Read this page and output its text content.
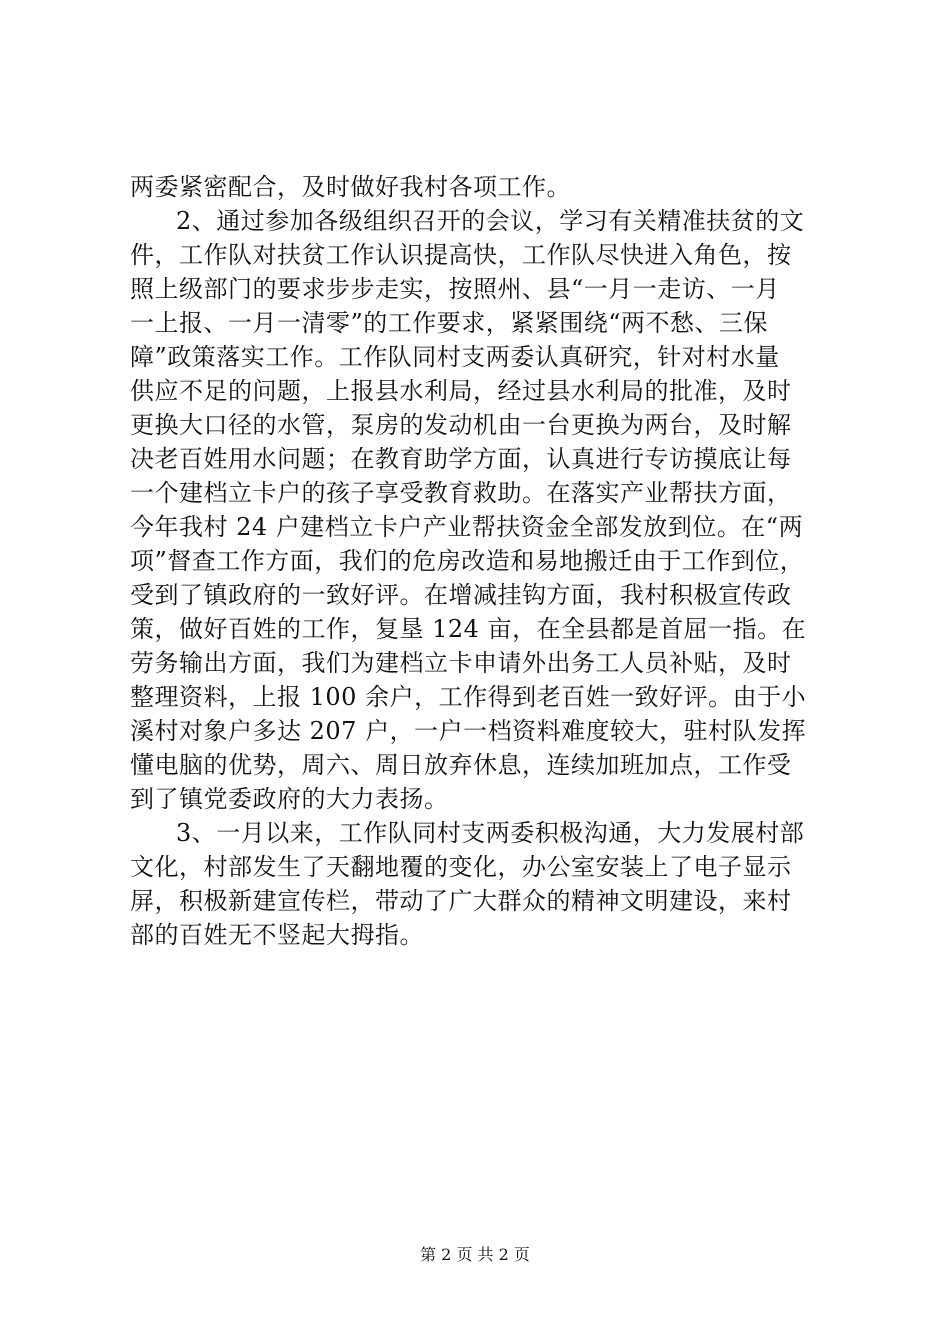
两委紧密配合，及时做好我村各项工作。
2、通过参加各级组织召开的会议，学习有关精准扶贫的文
件，工作队对扶贫工作认识提高快，工作队尽快进入角色，按
照上级部门的要求步步走实，按照州、县“一月一走访、一月
一上报、一月一清零”的工作要求，紧紧围绕“两不愁、三保
障”政策落实工作。工作队同村支两委认真研究，针对村水量
供应不足的问题，上报县水利局，经过县水利局的批准，及时
更换大口径的水管，泵房的发动机由一台更换为两台，及时解
决老百姓用水问题；在教育助学方面，认真进行专访摸底让每
一个建档立卡户的孩子享受教育救助。在落实产业帮扶方面，
今年我村 24 户建档立卡户产业帮扶资金全部发放到位。在“两
项”督查工作方面，我们的危房改造和易地搬迁由于工作到位，
受到了镇政府的一致好评。在增减挂钩方面，我村积极宣传政
策，做好百姓的工作，复垦 124 亩，在全县都是首屈一指。在
劳务输出方面，我们为建档立卡申请外出务工人员补贴，及时
整理资料，上报 100 余户，工作得到老百姓一致好评。由于小
溪村对象户多达 207 户，一户一档资料难度较大，驻村队发挥
懂电脑的优势，周六、周日放弃休息，连续加班加点，工作受
到了镇党委政府的大力表扬。
3、一月以来，工作队同村支两委积极沟通，大力发展村部
文化，村部发生了天翻地覆的变化，办公室安装上了电子显示
屏，积极新建宣传栏，带动了广大群众的精神文明建设，来村
部的百姓无不竖起大拇指。
第 2 页 共 2 页
